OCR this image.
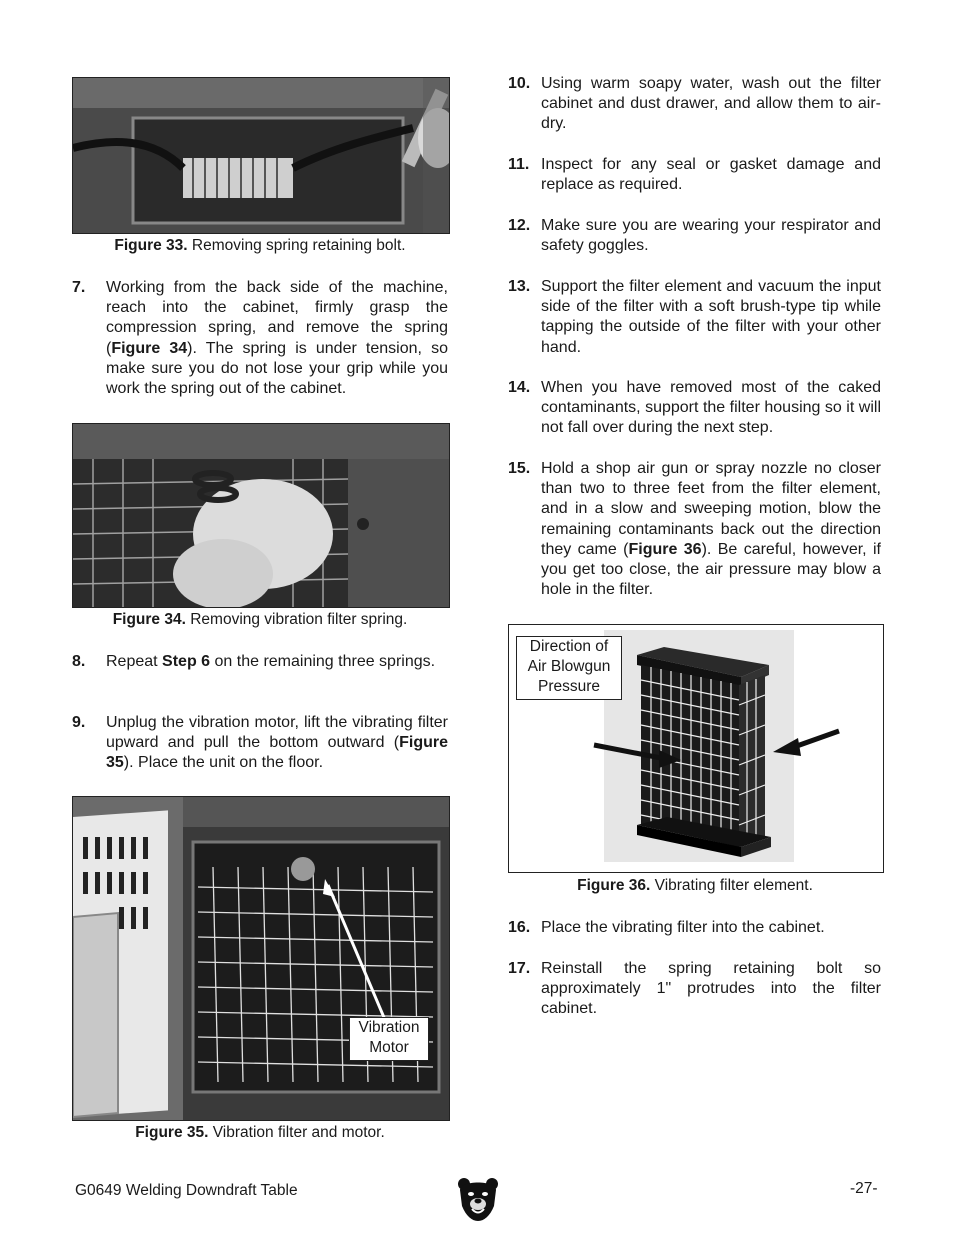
Figure 33. Removing spring retaining bolt.
7. Working from the back side of the machine, reach into the cabinet, firmly grasp the compression spring, and remove the spring (Figure 34). The spring is under tension, so make sure you do not lose your grip while you work the spring out of the cabinet.
Figure 34. Removing vibration filter spring.
8. Repeat Step 6 on the remaining three springs.
9. Unplug the vibration motor, lift the vibrating filter upward and pull the bottom outward (Figure 35). Place the unit on the floor.
Vibration
Motor
Figure 35. Vibration filter and motor.
10. Using warm soapy water, wash out the filter cabinet and dust drawer, and allow them to air-dry.
11. Inspect for any seal or gasket damage and replace as required.
12. Make sure you are wearing your respirator and safety goggles.
13. Support the filter element and vacuum the input side of the filter with a soft brush-type tip while tapping the outside of the filter with your other hand.
14. When you have removed most of the caked contaminants, support the filter housing so it will not fall over during the next step.
15. Hold a shop air gun or spray nozzle no closer than two to three feet from the filter element, and in a slow and sweeping motion, blow the remaining contaminants back out the direction they came (Figure 36). Be careful, however, if you get too close, the air pressure may blow a hole in the filter.
Direction of
Air Blowgun
Pressure
Figure 36. Vibrating filter element.
16. Place the vibrating filter into the cabinet.
17. Reinstall the spring retaining bolt so approximately 1" protrudes into the filter cabinet.
G0649 Welding Downdraft Table	-27-
